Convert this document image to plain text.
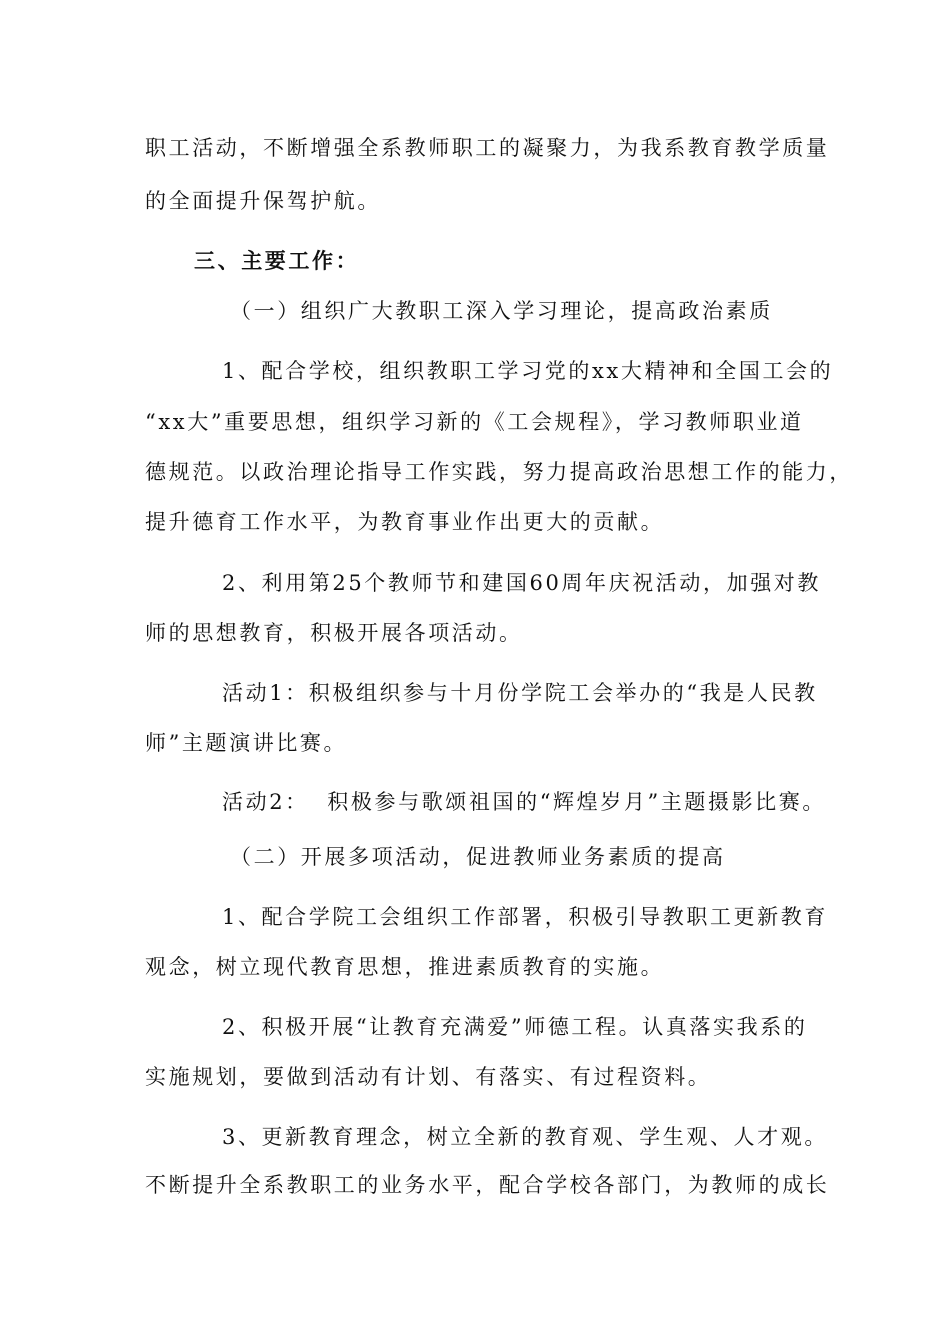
职工活动，不断增强全系教师职工的凝聚力，为我系教育教学质量
的全面提升保驾护航。
三、主要工作：
（一）组织广大教职工深入学习理论，提高政治素质
1、配合学校，组织教职工学习党的xx大精神和全国工会的
“xx大”重要思想，组织学习新的《工会规程》，学习教师职业道
德规范。以政治理论指导工作实践，努力提高政治思想工作的能力，
提升德育工作水平，为教育事业作出更大的贡献。
2、利用第25个教师节和建国60周年庆祝活动，加强对教
师的思想教育，积极开展各项活动。
活动1：积极组织参与十月份学院工会举办的“我是人民教
师”主题演讲比赛。
活动2：  积极参与歌颂祖国的“辉煌岁月”主题摄影比赛。
（二）开展多项活动，促进教师业务素质的提高
1、配合学院工会组织工作部署，积极引导教职工更新教育
观念，树立现代教育思想，推进素质教育的实施。
2、积极开展“让教育充满爱”师德工程。认真落实我系的
实施规划，要做到活动有计划、有落实、有过程资料。
3、更新教育理念，树立全新的教育观、学生观、人才观。
不断提升全系教职工的业务水平，配合学校各部门，为教师的成长
